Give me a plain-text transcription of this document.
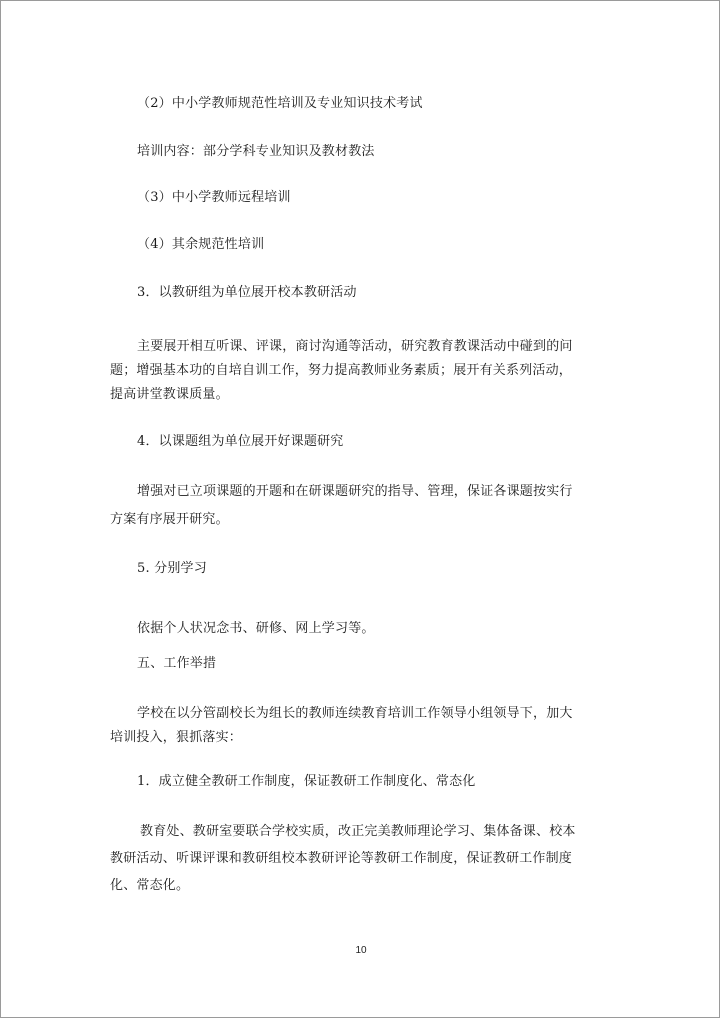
（2）中小学教师规范性培训及专业知识技术考试
培训内容：部分学科专业知识及教材教法
（3）中小学教师远程培训
（4）其余规范性培训
3．以教研组为单位展开校本教研活动
主要展开相互听课、评课，商讨沟通等活动，研究教育教课活动中碰到的问
题；增强基本功的自培自训工作，努力提高教师业务素质；展开有关系列活动，
提高讲堂教课质量。
4．以课题组为单位展开好课题研究
增强对已立项课题的开题和在研课题研究的指导、管理，保证各课题按实行
方案有序展开研究。
5. 分别学习
依据个人状况念书、研修、网上学习等。
五、工作举措
学校在以分管副校长为组长的教师连续教育培训工作领导小组领导下，加大
培训投入，狠抓落实：
1．成立健全教研工作制度，保证教研工作制度化、常态化
教育处、教研室要联合学校实质，改正完美教师理论学习、集体备课、校本
教研活动、听课评课和教研组校本教研评论等教研工作制度，保证教研工作制度
化、常态化。
10
